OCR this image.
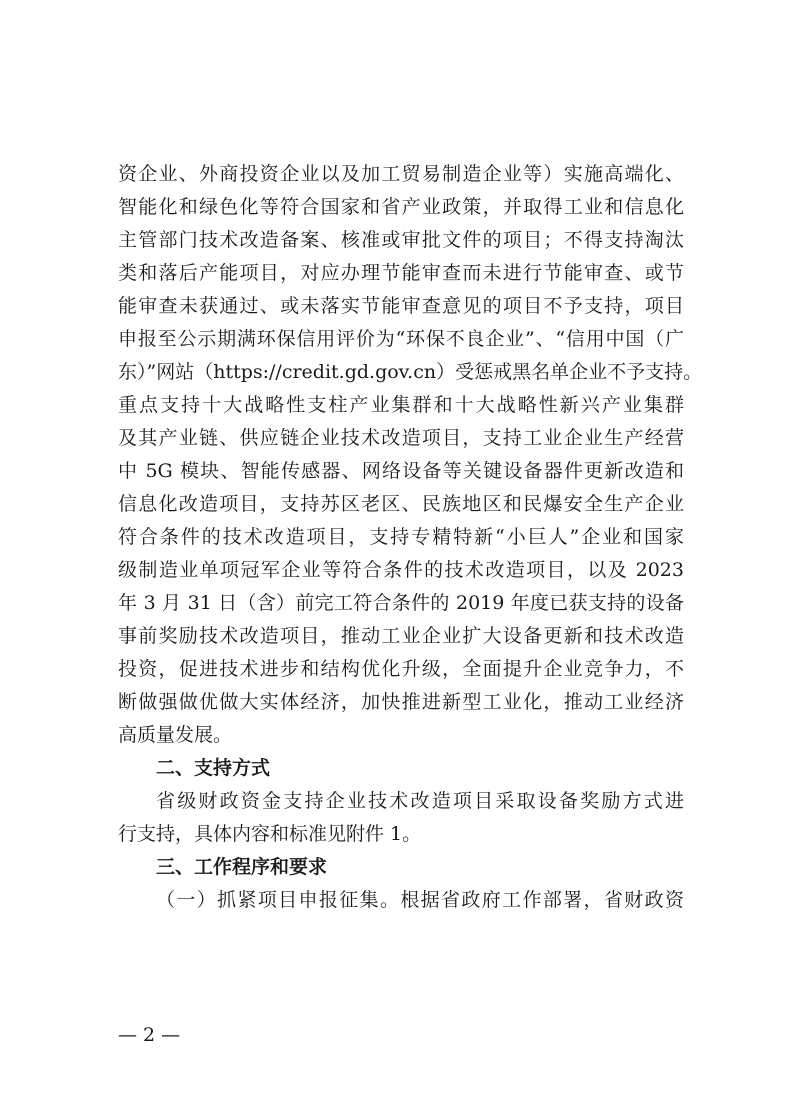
资企业、外商投资企业以及加工贸易制造企业等）实施高端化、
智能化和绿色化等符合国家和省产业政策，并取得工业和信息化
主管部门技术改造备案、核准或审批文件的项目；不得支持淘汰
类和落后产能项目，对应办理节能审查而未进行节能审查、或节
能审查未获通过、或未落实节能审查意见的项目不予支持，项目
申报至公示期满环保信用评价为“环保不良企业”、“信用中国（广
东）”网站（https://credit.gd.gov.cn）受惩戒黑名单企业不予支持。
重点支持十大战略性支柱产业集群和十大战略性新兴产业集群
及其产业链、供应链企业技术改造项目，支持工业企业生产经营
中 5G 模块、智能传感器、网络设备等关键设备器件更新改造和
信息化改造项目，支持苏区老区、民族地区和民爆安全生产企业
符合条件的技术改造项目，支持专精特新“小巨人”企业和国家
级制造业单项冠军企业等符合条件的技术改造项目，以及 2023
年 3 月 31 日（含）前完工符合条件的 2019 年度已获支持的设备
事前奖励技术改造项目，推动工业企业扩大设备更新和技术改造
投资，促进技术进步和结构优化升级，全面提升企业竞争力，不
断做强做优做大实体经济，加快推进新型工业化，推动工业经济
高质量发展。
二、支持方式
省级财政资金支持企业技术改造项目采取设备奖励方式进
行支持，具体内容和标准见附件 1。
三、工作程序和要求
（一）抓紧项目申报征集。根据省政府工作部署，省财政资
— 2 —
